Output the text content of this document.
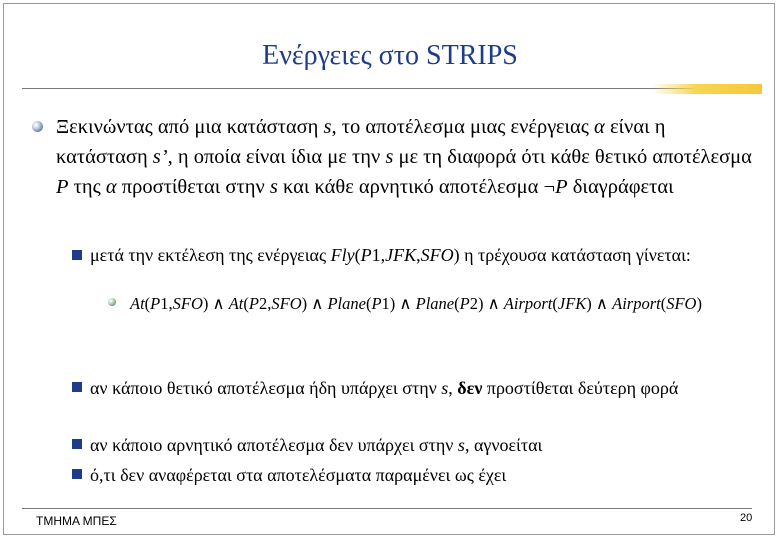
Ενέργειες στο STRIPS
Ξεκινώντας από μια κατάσταση s, το αποτέλεσμα μιας ενέργειας α είναι η κατάσταση s’, η οποία είναι ίδια με την s με τη διαφορά ότι κάθε θετικό αποτέλεσμα P της α προστίθεται στην s και κάθε αρνητικό αποτέλεσμα ¬P διαγράφεται
μετά την εκτέλεση της ενέργειας Fly(P1,JFK,SFO) η τρέχουσα κατάσταση γίνεται:
At(P1,SFO) ∧ At(P2,SFO) ∧ Plane(P1) ∧ Plane(P2) ∧ Airport(JFK) ∧ Airport(SFO)
αν κάποιο θετικό αποτέλεσμα ήδη υπάρχει στην s, δεν προστίθεται δεύτερη φορά
αν κάποιο αρνητικό αποτέλεσμα δεν υπάρχει στην s, αγνοείται
ό,τι δεν αναφέρεται στα αποτελέσματα παραμένει ως έχει
ΤΜΗΜΑ ΜΠΕΣ	20
